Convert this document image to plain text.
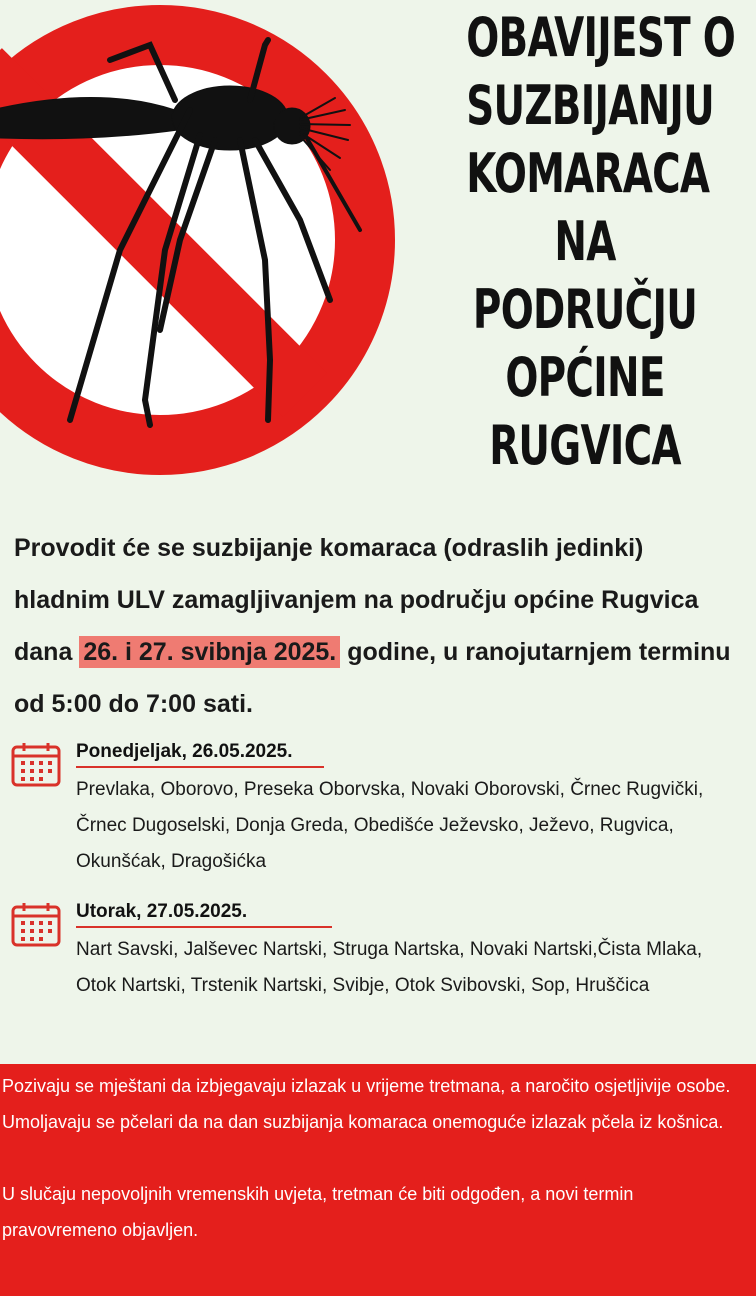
OBAVIJEST O
SUZBIJANJU
KOMARACA
NA
PODRUČJU
OPĆINE
RUGVICA
Provodit će se suzbijanje komaraca (odraslih jedinki) hladnim ULV zamagljivanjem na području općine Rugvica dana 26. i 27. svibnja 2025. godine, u ranojutarnjem terminu od 5:00 do 7:00 sati.
Ponedjeljak, 26.05.2025.
Prevlaka, Oborovo, Preseka Oborvska, Novaki Oborovski, Črnec Rugvički, Črnec Dugoselski, Donja Greda, Obedišće Ježevsko, Ježevo, Rugvica, Okunšćak, Dragošićka
Utorak, 27.05.2025.
Nart Savski, Jalševec Nartski, Struga Nartska, Novaki Nartski,Čista Mlaka, Otok Nartski, Trstenik Nartski, Svibje, Otok Svibovski, Sop, Hruščica

Pozivaju se mještani da izbjegavaju izlazak u vrijeme tretmana, a naročito osjetljivije osobe. Umoljavaju se pčelari da na dan suzbijanja komaraca onemoguće izlazak pčela iz košnica.

U slučaju nepovoljnih vremenskih uvjeta, tretman će biti odgođen, a novi termin pravovremeno objavljen.
